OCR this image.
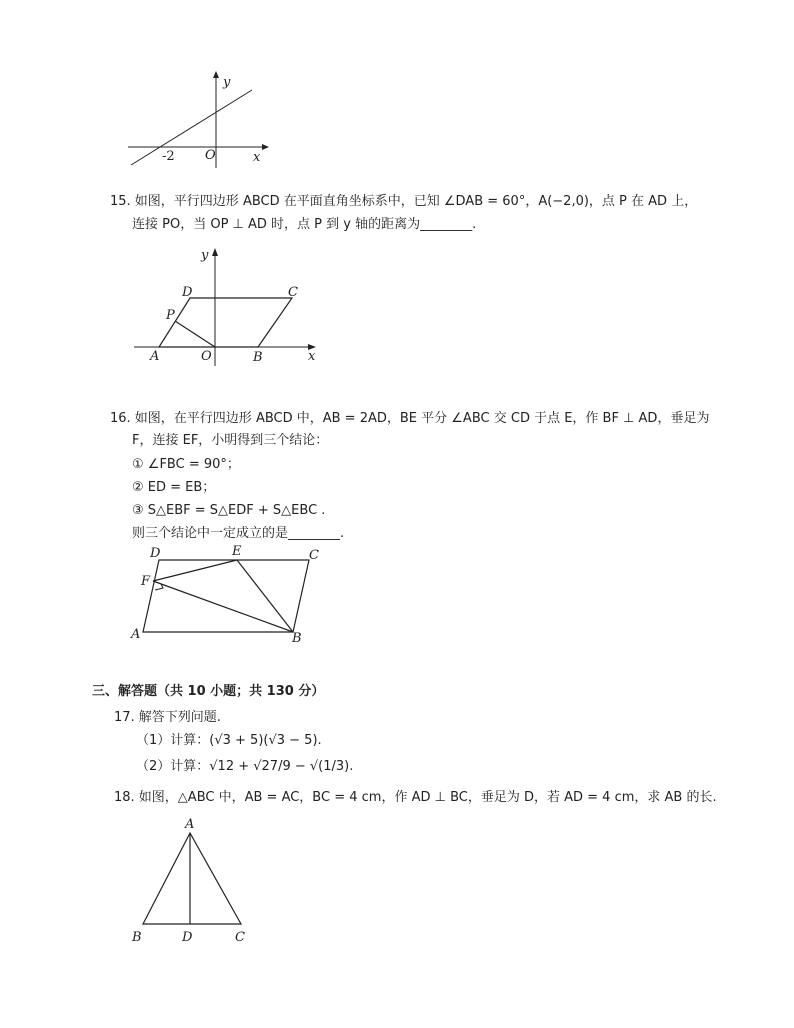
y
x
O
-2
15. 如图，平行四边形 ABCD 在平面直角坐标系中，已知 ∠DAB = 60°，A(−2,0)，点 P 在 AD 上，
连接 PO，当 OP ⊥ AD 时，点 P 到 y 轴的距离为________.
y
x
D	C
P
A	O	B
16. 如图，在平行四边形 ABCD 中，AB = 2AD，BE 平分 ∠ABC 交 CD 于点 E，作 BF ⊥ AD，垂足为
F，连接 EF，小明得到三个结论：
① ∠FBC = 90°；
② ED = EB；
③ S△EBF = S△EDF + S△EBC .
则三个结论中一定成立的是________.
D	E	C
F
A	B
三、解答题（共 10 小题；共 130 分）
17. 解答下列问题.
（1）计算：(√3 + 5)(√3 − 5).
（2）计算：√12 + √27/9 − √(1/3).
18. 如图，△ABC 中，AB = AC，BC = 4 cm，作 AD ⊥ BC，垂足为 D，若 AD = 4 cm，求 AB 的长.
A
B	D	C
